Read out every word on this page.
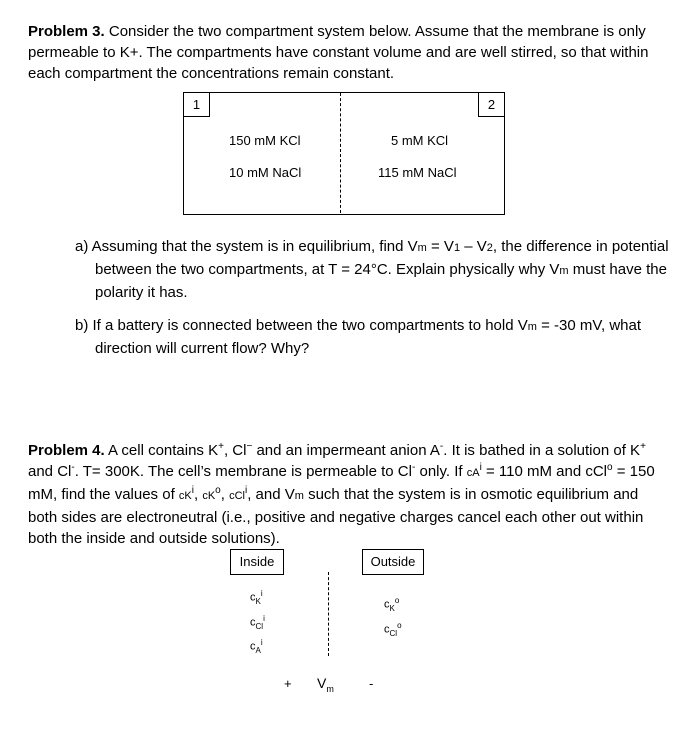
Problem 3. Consider the two compartment system below. Assume that the membrane is only permeable to K+. The compartments have constant volume and are well stirred, so that within each compartment the concentrations remain constant.

1	2
150 mM KCl
10 mM NaCl
5 mM KCl
115 mM NaCl

a) Assuming that the system is in equilibrium, find Vm = V1 – V2, the difference in potential between the two compartments, at T = 24°C. Explain physically why Vm must have the polarity it has.

b) If a battery is connected between the two compartments to hold Vm = -30 mV, what direction will current flow? Why?

Problem 4. A cell contains K+, Cl− and an impermeant anion A-. It is bathed in a solution of K+ and Cl-. T= 300K. The cell’s membrane is permeable to Cl- only. If $cA^i = 110$ mM and cCl$^o$ = 150 mM, find the values of $cK^i$, $cK^o$, cCl$^i$, and Vm such that the system is in osmotic equilibrium and both sides are electroneutral (i.e., positive and negative charges cancel each other out within both the inside and outside solutions).

Inside	Outside
$c_K^i$
$c_{Cl}^i$
$c_A^i$
$c_K^o$
$c_{Cl}^o$
+ $V_m$	-
